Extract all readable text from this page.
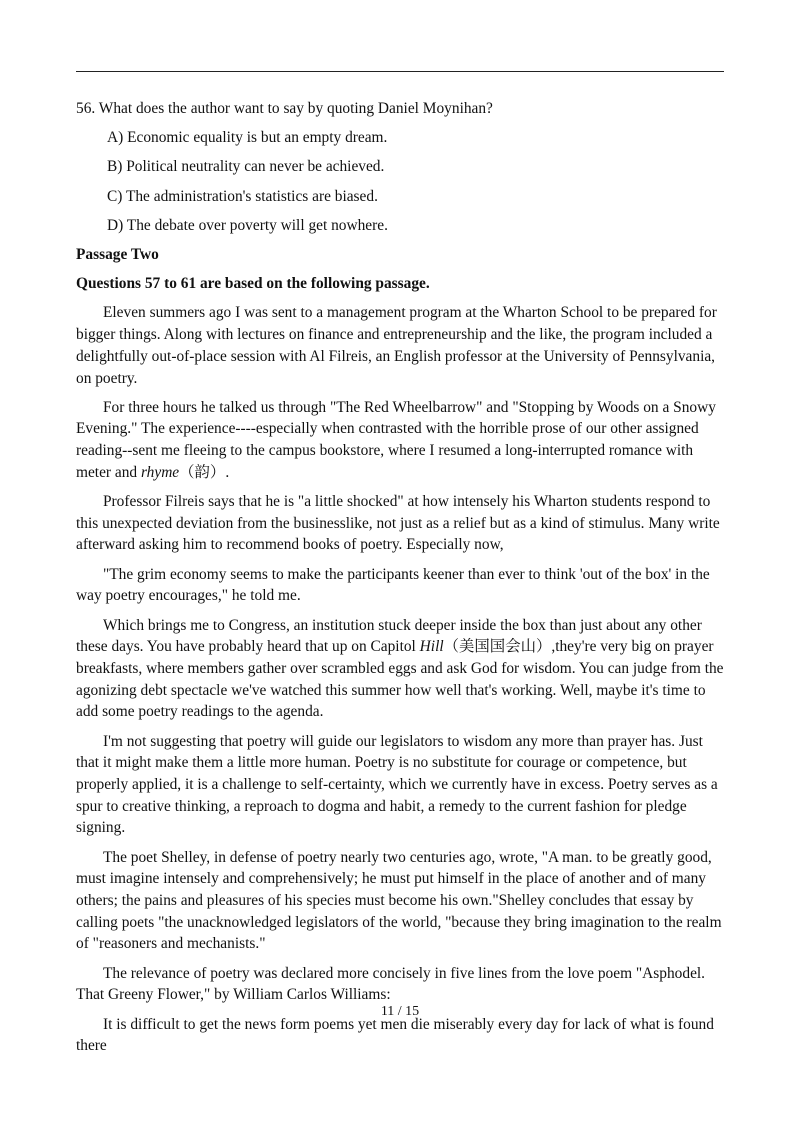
56. What does the author want to say by quoting Daniel Moynihan?

A) Economic equality is but an empty dream.

B) Political neutrality can never be achieved.

C) The administration's statistics are biased.

D) The debate over poverty will get nowhere.

Passage Two

Questions 57 to 61 are based on the following passage.

Eleven summers ago I was sent to a management program at the Wharton School to be prepared for bigger things. Along with lectures on finance and entrepreneurship and the like, the program included a delightfully out-of-place session with Al Filreis, an English professor at the University of Pennsylvania, on poetry.

For three hours he talked us through "The Red Wheelbarrow" and "Stopping by Woods on a Snowy Evening." The experience----especially when contrasted with the horrible prose of our other assigned reading--sent me fleeing to the campus bookstore, where I resumed a long-interrupted romance with meter and rhyme（韵）.

Professor Filreis says that he is "a little shocked" at how intensely his Wharton students respond to this unexpected deviation from the businesslike, not just as a relief but as a kind of stimulus. Many write afterward asking him to recommend books of poetry. Especially now,

"The grim economy seems to make the participants keener than ever to think 'out of the box' in the way poetry encourages," he told me.

Which brings me to Congress, an institution stuck deeper inside the box than just about any other these days. You have probably heard that up on Capitol Hill（美国国会山）,they're very big on prayer breakfasts, where members gather over scrambled eggs and ask God for wisdom. You can judge from the agonizing debt spectacle we've watched this summer how well that's working. Well, maybe it's time to add some poetry readings to the agenda.

I'm not suggesting that poetry will guide our legislators to wisdom any more than prayer has. Just that it might make them a little more human. Poetry is no substitute for courage or competence, but properly applied, it is a challenge to self-certainty, which we currently have in excess. Poetry serves as a spur to creative thinking, a reproach to dogma and habit, a remedy to the current fashion for pledge signing.

The poet Shelley, in defense of poetry nearly two centuries ago, wrote, "A man. to be greatly good, must imagine intensely and comprehensively; he must put himself in the place of another and of many others; the pains and pleasures of his species must become his own."Shelley concludes that essay by calling poets "the unacknowledged legislators of the world, "because they bring imagination to the realm of "reasoners and mechanists."

The relevance of poetry was declared more concisely in five lines from the love poem "Asphodel. That Greeny Flower," by William Carlos Williams:

It is difficult to get the news form poems yet men die miserably every day for lack of what is found there

11 / 15
